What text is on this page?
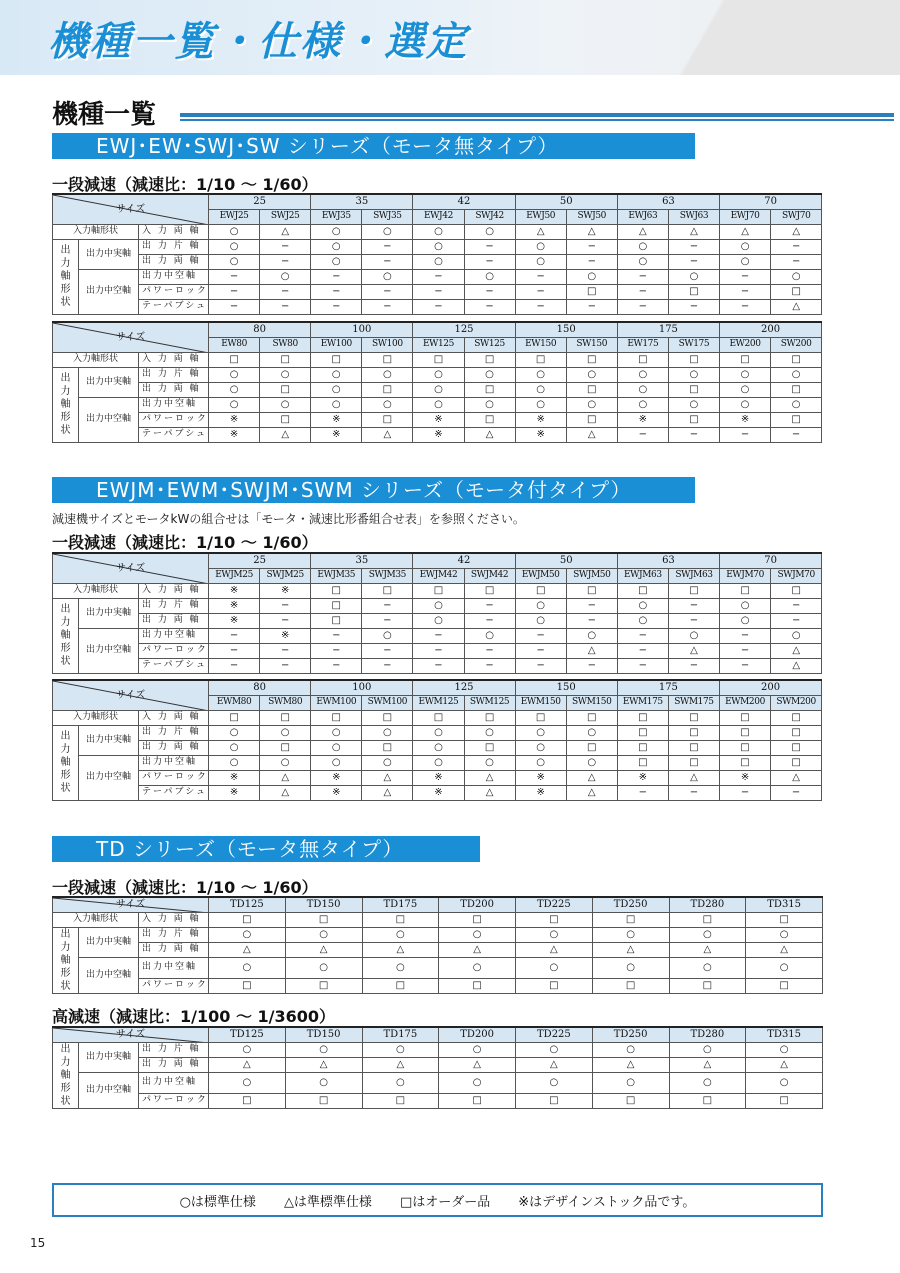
機種一覧・仕様・選定
機種一覧
EWJ･EW･SWJ･SW シリーズ（モータ無タイプ）
一段減速（減速比：1/10 〜 1/60）
サイズ			25		35		42		50		63		70	
			EWJ25	SWJ25	EWJ35	SWJ35	EWJ42	SWJ42	EWJ50	SWJ50	EWJ63	SWJ63	EWJ70	SWJ70
入力軸形状		入 力 両 軸	○	△	○	○	○	○	△	△	△	△	△	△
出
力
軸
形
状	出力中実軸	出 力 片 軸	○	−	○	−	○	−	○	−	○	−	○	−
		出 力 両 軸	○	−	○	−	○	−	○	−	○	−	○	−
	出力中空軸	出力中空軸	−	○	−	○	−	○	−	○	−	○	−	○
		パワーロック	−	−	−	−	−	−	−	□	−	□	−	□
		テーパブシュ	−	−	−	−	−	−	−	−	−	−	−	△
サイズ			80		100		125		150		175		200	
			EW80	SW80	EW100	SW100	EW125	SW125	EW150	SW150	EW175	SW175	EW200	SW200
入力軸形状		入 力 両 軸	□	□	□	□	□	□	□	□	□	□	□	□
出
力
軸
形
状	出力中実軸	出 力 片 軸	○	○	○	○	○	○	○	○	○	○	○	○
		出 力 両 軸	○	□	○	□	○	□	○	□	○	□	○	□
	出力中空軸	出力中空軸	○	○	○	○	○	○	○	○	○	○	○	○
		パワーロック	※	□	※	□	※	□	※	□	※	□	※	□
		テーパブシュ	※	△	※	△	※	△	※	△	−	−	−	−
EWJM･EWM･SWJM･SWM シリーズ（モータ付タイプ）
減速機サイズとモータkWの組合せは「モータ・減速比形番組合せ表」を参照ください。
一段減速（減速比：1/10 〜 1/60）
サイズ			25		35		42		50		63		70	
			EWJM25	SWJM25	EWJM35	SWJM35	EWJM42	SWJM42	EWJM50	SWJM50	EWJM63	SWJM63	EWJM70	SWJM70
入力軸形状		入 力 両 軸	※	※	□	□	□	□	□	□	□	□	□	□
出
力
軸
形
状	出力中実軸	出 力 片 軸	※	−	□	−	○	−	○	−	○	−	○	−
		出 力 両 軸	※	−	□	−	○	−	○	−	○	−	○	−
	出力中空軸	出力中空軸	−	※	−	○	−	○	−	○	−	○	−	○
		パワーロック	−	−	−	−	−	−	−	△	−	△	−	△
		テーパブシュ	−	−	−	−	−	−	−	−	−	−	−	△
サイズ			80		100		125		150		175		200	
			EWM80	SWM80	EWM100	SWM100	EWM125	SWM125	EWM150	SWM150	EWM175	SWM175	EWM200	SWM200
入力軸形状		入 力 両 軸	□	□	□	□	□	□	□	□	□	□	□	□
出
力
軸
形
状	出力中実軸	出 力 片 軸	○	○	○	○	○	○	○	○	□	□	□	□
		出 力 両 軸	○	□	○	□	○	□	○	□	□	□	□	□
	出力中空軸	出力中空軸	○	○	○	○	○	○	○	○	□	□	□	□
		パワーロック	※	△	※	△	※	△	※	△	※	△	※	△
		テーパブシュ	※	△	※	△	※	△	※	△	−	−	−	−
TD シリーズ（モータ無タイプ）
一段減速（減速比：1/10 〜 1/60）
サイズ			TD125	TD150	TD175	TD200	TD225	TD250	TD280	TD315
入力軸形状		入 力 両 軸	□	□	□	□	□	□	□	□
出
力
軸
形
状	出力中実軸	出 力 片 軸	○	○	○	○	○	○	○	○
		出 力 両 軸	△	△	△	△	△	△	△	△
	出力中空軸	出力中空軸	○	○	○	○	○	○	○	○
		パワーロック	□	□	□	□	□	□	□	□
高減速（減速比：1/100 〜 1/3600）
サイズ			TD125	TD150	TD175	TD200	TD225	TD250	TD280	TD315
出
力
軸
形
状	出力中実軸	出 力 片 軸	○	○	○	○	○	○	○	○
		出 力 両 軸	△	△	△	△	△	△	△	△
	出力中空軸	出力中空軸	○	○	○	○	○	○	○	○
		パワーロック	□	□	□	□	□	□	□	□
○は標準仕様 △は準標準仕様 □はオーダー品 ※はデザインストック品です。
15
